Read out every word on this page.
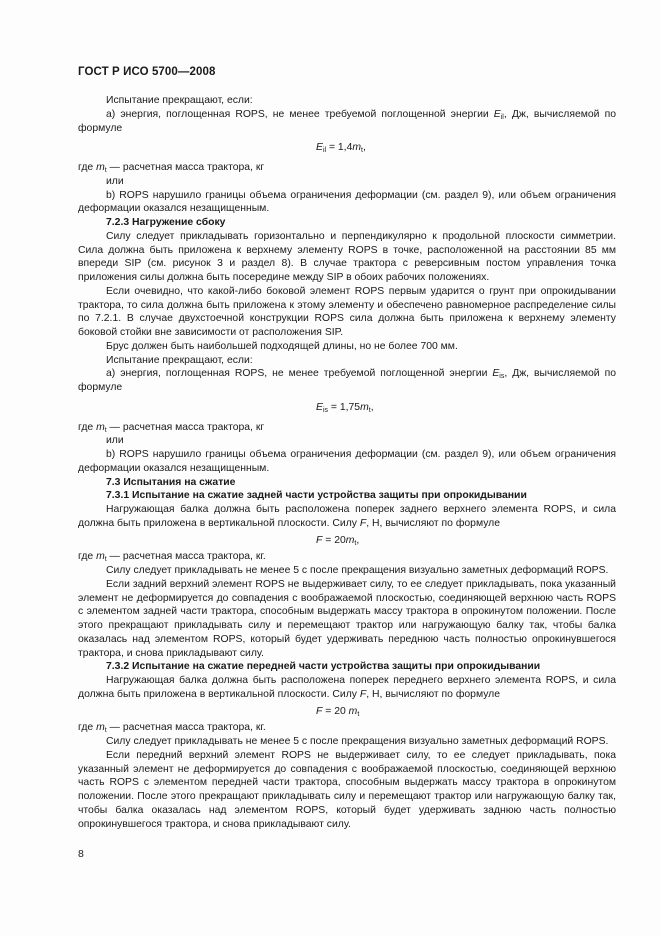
ГОСТ Р ИСО 5700—2008

Испытание прекращают, если:

а) энергия, поглощенная ROPS, не менее требуемой поглощенной энергии $E_{il}$, Дж, вычисляемой по формуле

$E_{il} = 1,4m_t$,

где $m_t$ — расчетная масса трактора, кг

или

b) ROPS нарушило границы объема ограничения деформации (см. раздел 9), или объем ограничения деформации оказался незащищенным.

7.2.3 Нагружение сбоку

Силу следует прикладывать горизонтально и перпендикулярно к продольной плоскости симметрии. Сила должна быть приложена к верхнему элементу ROPS в точке, расположенной на расстоянии 85 мм впереди SIP (см. рисунок 3 и раздел 8). В случае трактора с реверсивным постом управления точка приложения силы должна быть посередине между SIP в обоих рабочих положениях.

Если очевидно, что какой-либо боковой элемент ROPS первым ударится о грунт при опрокидывании трактора, то сила должна быть приложена к этому элементу и обеспечено равномерное распределение силы по 7.2.1. В случае двухстоечной конструкции ROPS сила должна быть приложена к верхнему элементу боковой стойки вне зависимости от расположения SIP.

Брус должен быть наибольшей подходящей длины, но не более 700 мм.

Испытание прекращают, если:

а) энергия, поглощенная ROPS, не менее требуемой поглощенной энергии $E_{is}$, Дж, вычисляемой по формуле

$E_{is} = 1,75m_t$,

где $m_t$ — расчетная масса трактора, кг

или

b) ROPS нарушило границы объема ограничения деформации (см. раздел 9), или объем ограничения деформации оказался незащищенным.

7.3 Испытания на сжатие

7.3.1 Испытание на сжатие задней части устройства защиты при опрокидывании

Нагружающая балка должна быть расположена поперек заднего верхнего элемента ROPS, и сила должна быть приложена в вертикальной плоскости. Силу F, Н, вычисляют по формуле

$F = 20m_t$,

где $m_t$ — расчетная масса трактора, кг.

Силу следует прикладывать не менее 5 с после прекращения визуально заметных деформаций ROPS.

Если задний верхний элемент ROPS не выдерживает силу, то ее следует прикладывать, пока указанный элемент не деформируется до совпадения с воображаемой плоскостью, соединяющей верхнюю часть ROPS с элементом задней части трактора, способным выдержать массу трактора в опрокинутом положении. После этого прекращают прикладывать силу и перемещают трактор или нагружающую балку так, чтобы балка оказалась над элементом ROPS, который будет удерживать переднюю часть полностью опрокинувшегося трактора, и снова прикладывают силу.

7.3.2 Испытание на сжатие передней части устройства защиты при опрокидывании

Нагружающая балка должна быть расположена поперек переднего верхнего элемента ROPS, и сила должна быть приложена в вертикальной плоскости. Силу F, Н, вычисляют по формуле

F = 20 $m_t$

где $m_t$ — расчетная масса трактора, кг.

Силу следует прикладывать не менее 5 с после прекращения визуально заметных деформаций ROPS.

Если передний верхний элемент ROPS не выдерживает силу, то ее следует прикладывать, пока указанный элемент не деформируется до совпадения с воображаемой плоскостью, соединяющей верхнюю часть ROPS с элементом передней части трактора, способным выдержать массу трактора в опрокинутом положении. После этого прекращают прикладывать силу и перемещают трактор или нагружающую балку так, чтобы балка оказалась над элементом ROPS, который будет удерживать заднюю часть полностью опрокинувшегося трактора, и снова прикладывают силу.

8
